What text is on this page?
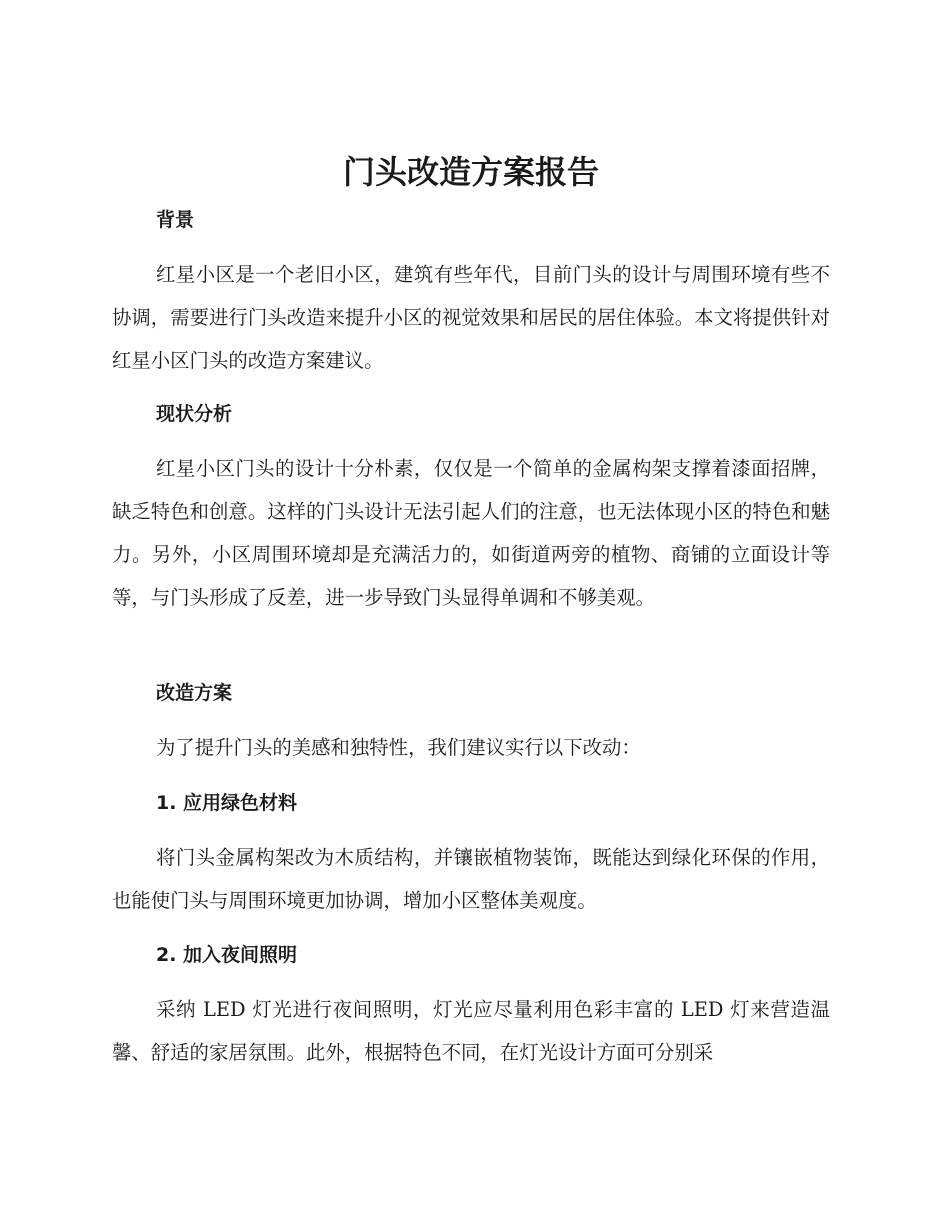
门头改造方案报告
背景

红星小区是一个老旧小区，建筑有些年代，目前门头的设计与周围环境有些不协调，需要进行门头改造来提升小区的视觉效果和居民的居住体验。本文将提供针对红星小区门头的改造方案建议。

现状分析

红星小区门头的设计十分朴素，仅仅是一个简单的金属构架支撑着漆面招牌，缺乏特色和创意。这样的门头设计无法引起人们的注意，也无法体现小区的特色和魅力。另外，小区周围环境却是充满活力的，如街道两旁的植物、商铺的立面设计等等，与门头形成了反差，进一步导致门头显得单调和不够美观。

改造方案

为了提升门头的美感和独特性，我们建议实行以下改动：

1. 应用绿色材料

将门头金属构架改为木质结构，并镶嵌植物装饰，既能达到绿化环保的作用，也能使门头与周围环境更加协调，增加小区整体美观度。

2. 加入夜间照明

采纳 LED 灯光进行夜间照明，灯光应尽量利用色彩丰富的 LED 灯来营造温馨、舒适的家居氛围。此外，根据特色不同，在灯光设计方面可分别采
